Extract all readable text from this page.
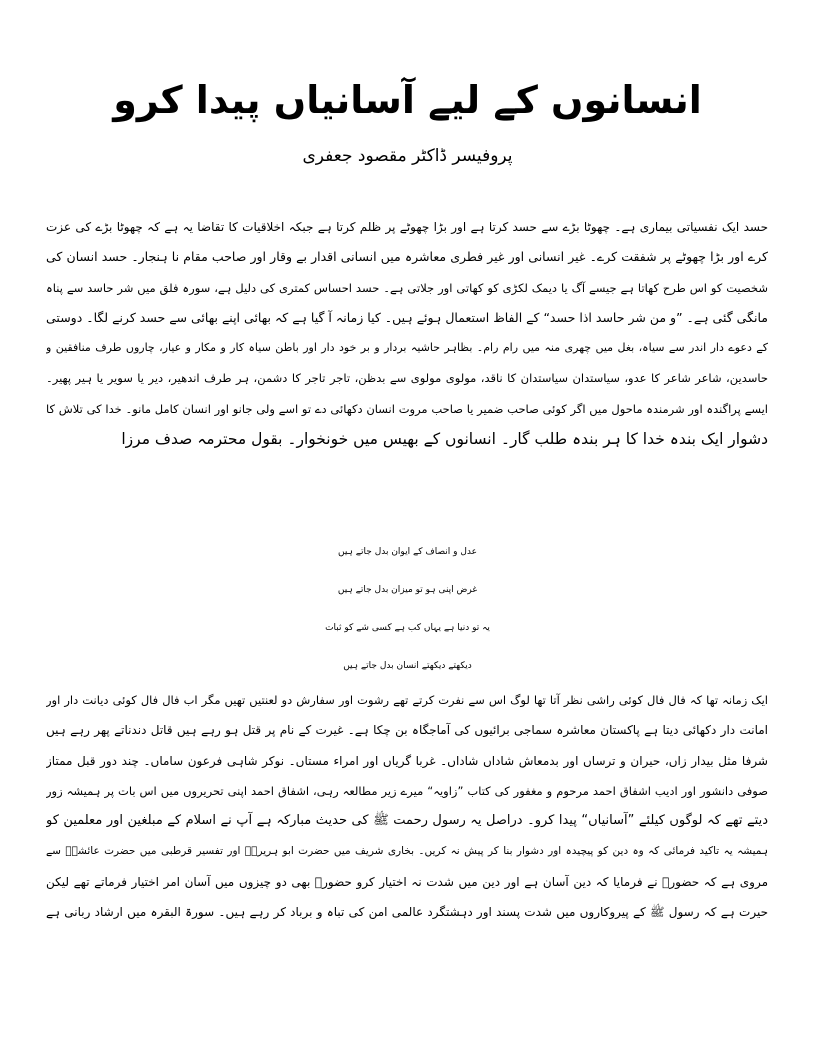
انسانوں کے لیے آسانیاں پیدا کرو
پروفیسر ڈاکٹر مقصود جعفری
حسد ایک نفسیاتی بیماری ہے۔ چھوٹا بڑے سے حسد کرتا ہے اور بڑا چھوٹے پر ظلم کرتا ہے جبکہ اخلاقیات کا تقاضا یہ ہے کہ چھوٹا بڑے کی عزت
کرے اور بڑا چھوٹے پر شفقت کرے۔ غیر انسانی اور غیر فطری معاشرہ میں انسانی اقدار بے وقار اور صاحب مقام نا ہنجار۔ حسد انسان کی
شخصیت کو اس طرح کھاتا ہے جیسے آگ یا دیمک لکڑی کو کھاتی اور جلاتی ہے۔ حسد احساس کمتری کی دلیل ہے، سورہ فلق میں شر حاسد سے پناہ
مانگی گئی ہے۔ ”و من شر حاسد اذا حسد“ کے الفاظ استعمال ہوئے ہیں۔ کیا زمانہ آ گیا ہے کہ بھائی اپنے بھائی سے حسد کرنے لگا۔ دوستی
کے دعوے دار اندر سے سیاہ، بغل میں چھری منہ میں رام رام۔ بظاہر حاشیہ بردار و بر خود دار اور باطن سیاہ کار و مکار و عیار، چاروں طرف منافقین و
حاسدین، شاعر شاعر کا عدو، سیاستدان سیاستدان کا ناقد، مولوی مولوی سے بدظن، تاجر تاجر کا دشمن، ہر طرف اندھیر، دیر یا سویر یا ہیر پھیر۔
ایسے پراگندہ اور شرمندہ ماحول میں اگر کوئی صاحب ضمیر یا صاحب مروت انسان دکھائی دے تو اسے ولی جانو اور انسان کامل مانو۔ خدا کی تلاش کا
دشوار ایک بندہ خدا کا ہر بندہ طلب گار۔ انسانوں کے بھیس میں خونخوار۔ بقول محترمہ صدف مرزا
عدل و انصاف کے ایوان بدل جاتے ہیں
غرض اپنی ہو تو میزان بدل جاتے ہیں
یہ تو دنیا ہے یہاں کب ہے کسی شے کو ثبات
دیکھتے دیکھتے انسان بدل جاتے ہیں
ایک زمانہ تھا کہ فال فال کوئی راشی نظر آتا تھا لوگ اس سے نفرت کرتے تھے رشوت اور سفارش دو لعنتیں تھیں مگر اب فال فال کوئی دیانت دار اور
امانت دار دکھائی دیتا ہے پاکستان معاشرہ سماجی برائیوں کی آماجگاہ بن چکا ہے۔ غیرت کے نام پر قتل ہو رہے ہیں قاتل دندناتے پھر رہے ہیں
شرفا مثل بیدار زاں، حیران و ترساں اور بدمعاش شاداں شاداں۔ غربا گریاں اور امراء مستاں۔ نوکر شاہی فرعون ساماں۔ چند دور قبل ممتاز
صوفی دانشور اور ادیب اشفاق احمد مرحوم و مغفور کی کتاب ”زاویہ“ میرے زیر مطالعہ رہی، اشفاق احمد اپنی تحریروں میں اس بات پر ہمیشہ زور
دیتے تھے کہ لوگوں کیلئے ”آسانیاں“ پیدا کرو۔ دراصل یہ رسول رحمت ﷺ کی حدیث مبارکہ ہے آپ نے اسلام کے مبلغین اور معلمین کو
ہمیشہ یہ تاکید فرمائی کہ وہ دین کو پیچیدہ اور دشوار بنا کر پیش نہ کریں۔ بخاری شریف میں حضرت ابو ہریرہؓ اور تفسیر قرطبی میں حضرت عائشہؓ سے
مروی ہے کہ حضورؐ نے فرمایا کہ دین آسان ہے اور دین میں شدت نہ اختیار کرو حضورؐ بھی دو چیزوں میں آسان امر اختیار فرماتے تھے لیکن
حیرت ہے کہ رسول ﷺ کے پیروکاروں میں شدت پسند اور دہشتگرد عالمی امن کی تباہ و برباد کر رہے ہیں۔ سورۃ البقرہ میں ارشاد ربانی ہے
